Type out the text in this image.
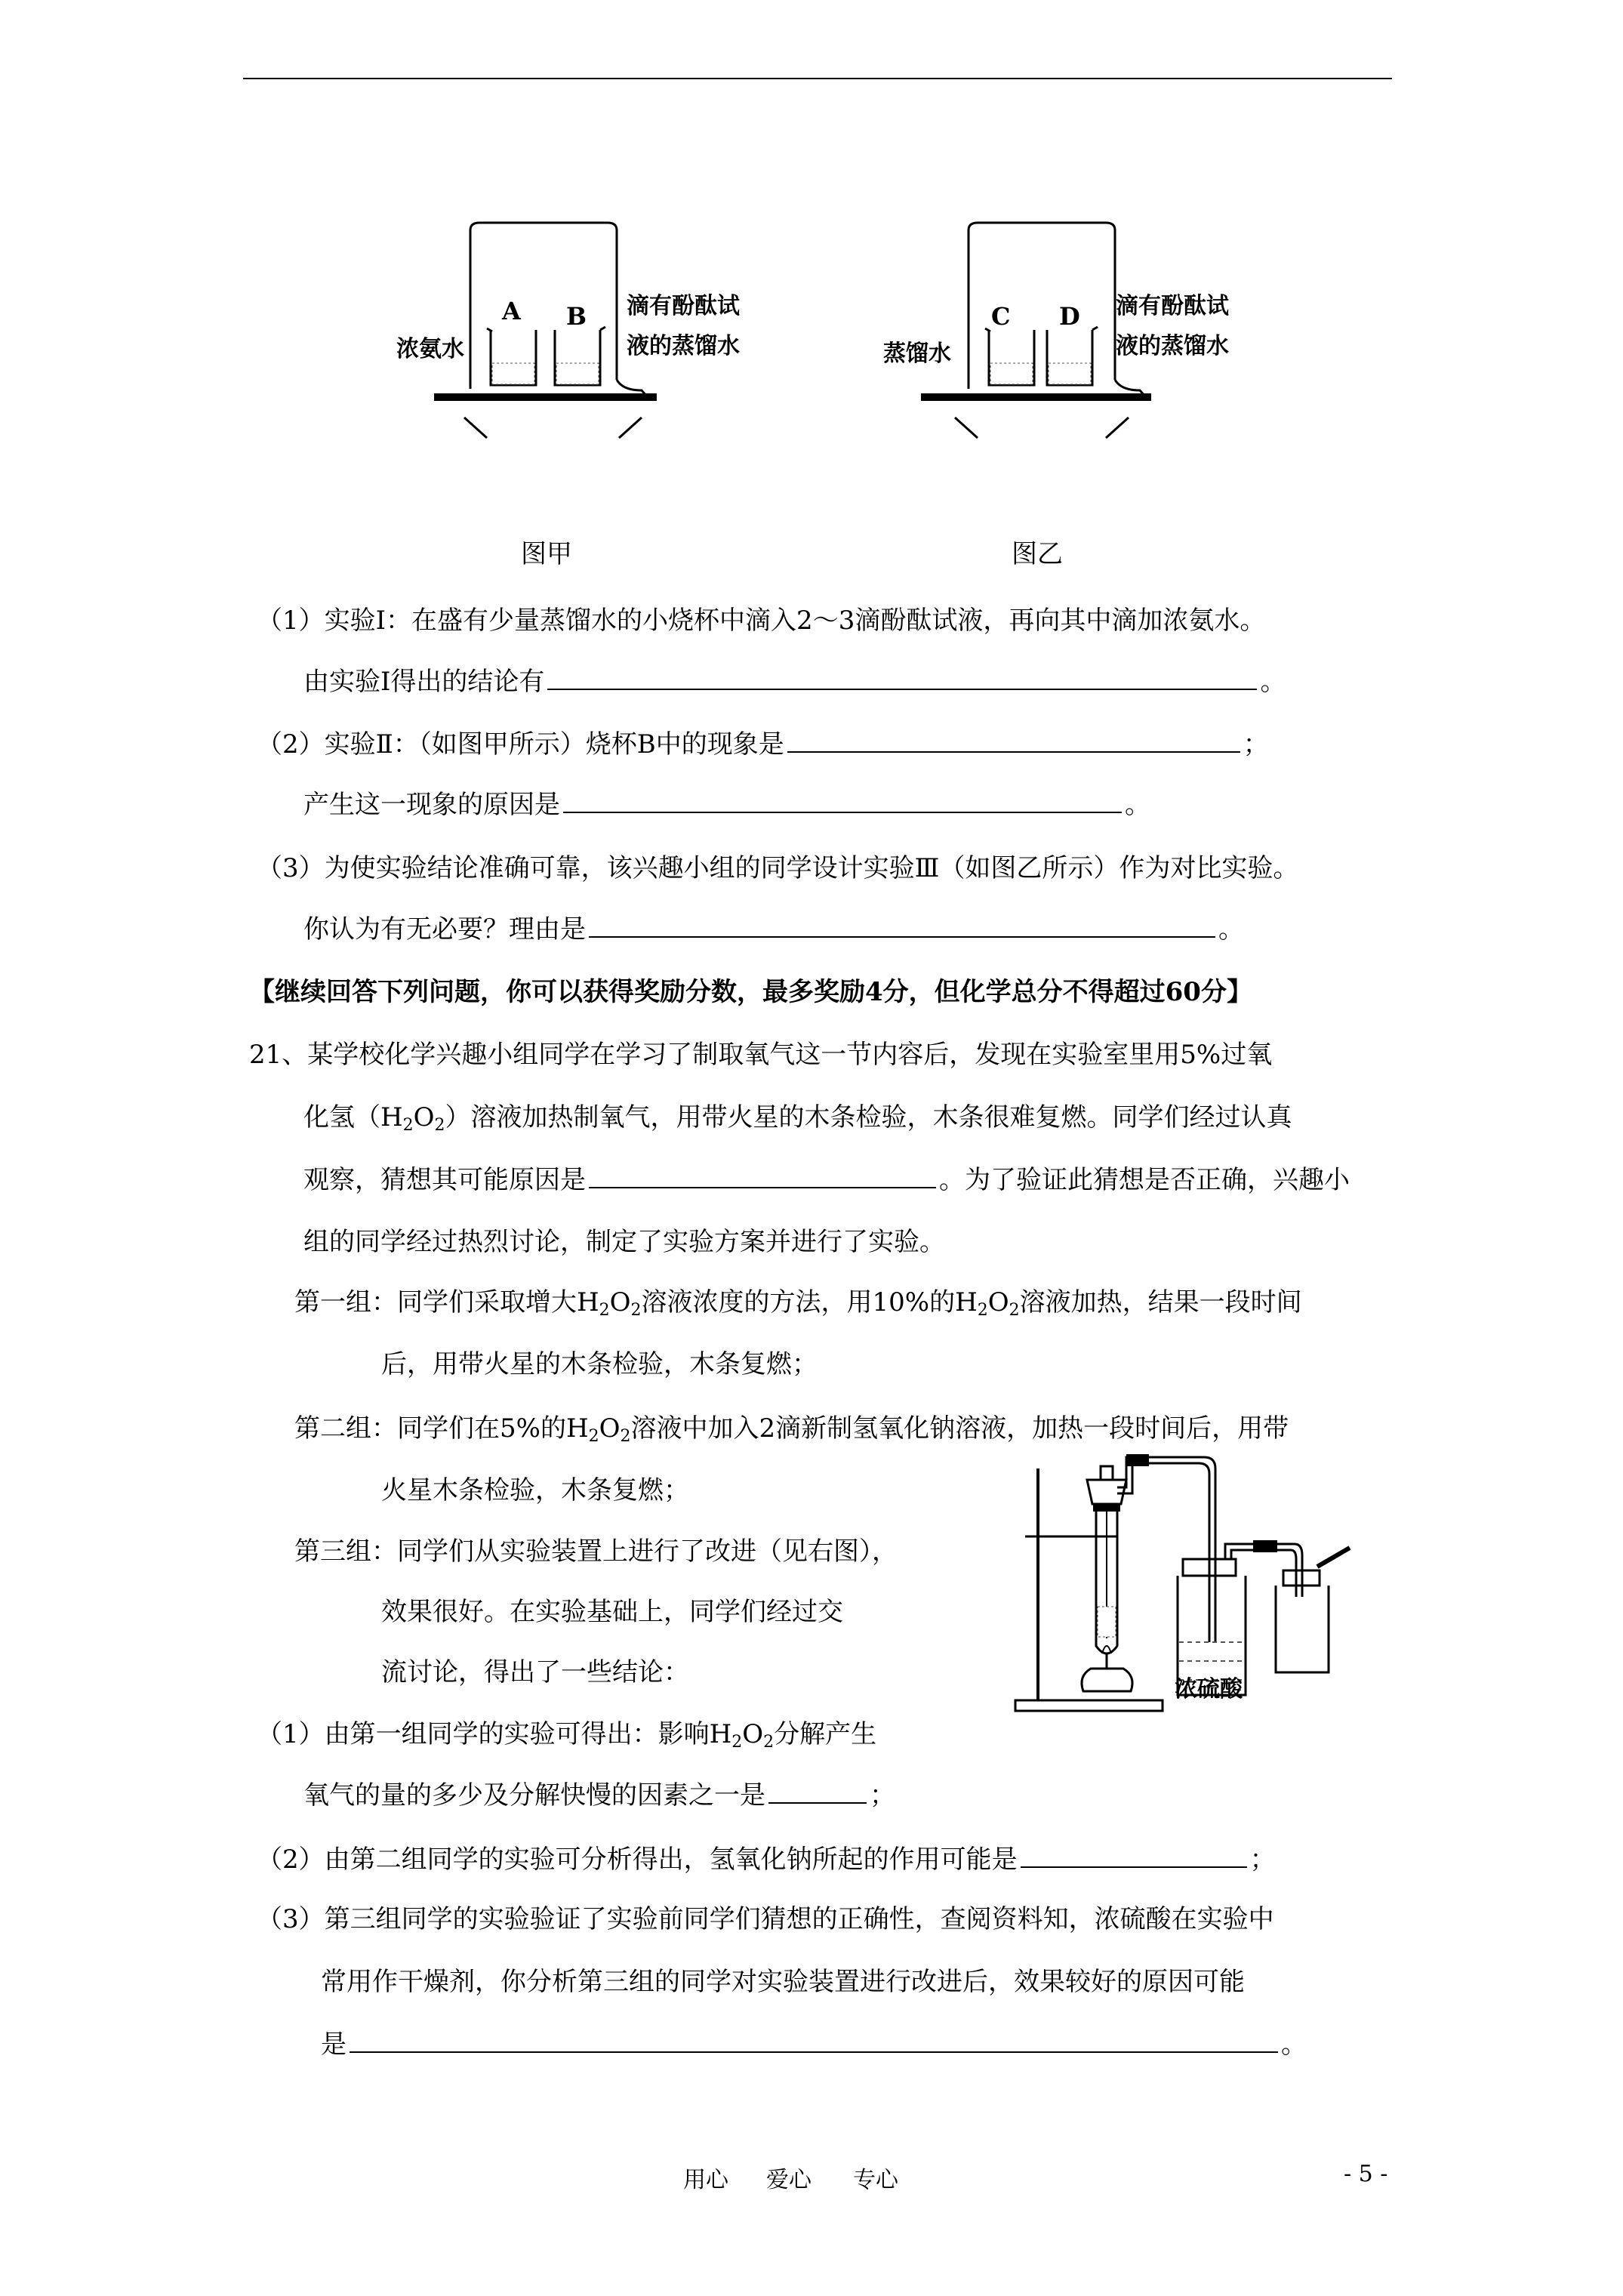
A B
浓氨水
滴有酚酞试
液的蒸馏水
图甲
C D
蒸馏水
滴有酚酞试
液的蒸馏水
图乙
（1）实验Ⅰ：在盛有少量蒸馏水的小烧杯中滴入2～3滴酚酞试液，再向其中滴加浓氨水。
由实验Ⅰ得出的结论有	。
（2）实验Ⅱ：（如图甲所示）烧杯B中的现象是	；
产生这一现象的原因是	。
（3）为使实验结论准确可靠，该兴趣小组的同学设计实验Ⅲ（如图乙所示）作为对比实验。
你认为有无必要？理由是	。
【继续回答下列问题，你可以获得奖励分数，最多奖励4分，但化学总分不得超过60分】
21、某学校化学兴趣小组同学在学习了制取氧气这一节内容后，发现在实验室里用5%过氧
化氢$(H_2O_2)$溶液加热制氧气，用带火星的木条检验，木条很难复燃。同学们经过认真
观察，猜想其可能原因是	。为了验证此猜想是否正确，兴趣小
组的同学经过热烈讨论，制定了实验方案并进行了实验。
第一组：同学们采取增大$H_2O_2$溶液浓度的方法，用10%的$H_2O_2$溶液加热，结果一段时间
后，用带火星的木条检验，木条复燃；
第二组：同学们在5%的$H_2O_2$溶液中加入2滴新制氢氧化钠溶液，加热一段时间后，用带
火星木条检验，木条复燃；
第三组：同学们从实验装置上进行了改进（见右图），
效果很好。在实验基础上，同学们经过交
流讨论，得出了一些结论：
浓硫酸
（1）由第一组同学的实验可得出：影响$H_2O_2$分解产生
氧气的量的多少及分解快慢的因素之一是	；
（2）由第二组同学的实验可分析得出，氢氧化钠所起的作用可能是	；
（3）第三组同学的实验验证了实验前同学们猜想的正确性，查阅资料知，浓硫酸在实验中
常用作干燥剂，你分析第三组的同学对实验装置进行改进后，效果较好的原因可能
是	。
用心 爱心 专心	- 5 -
